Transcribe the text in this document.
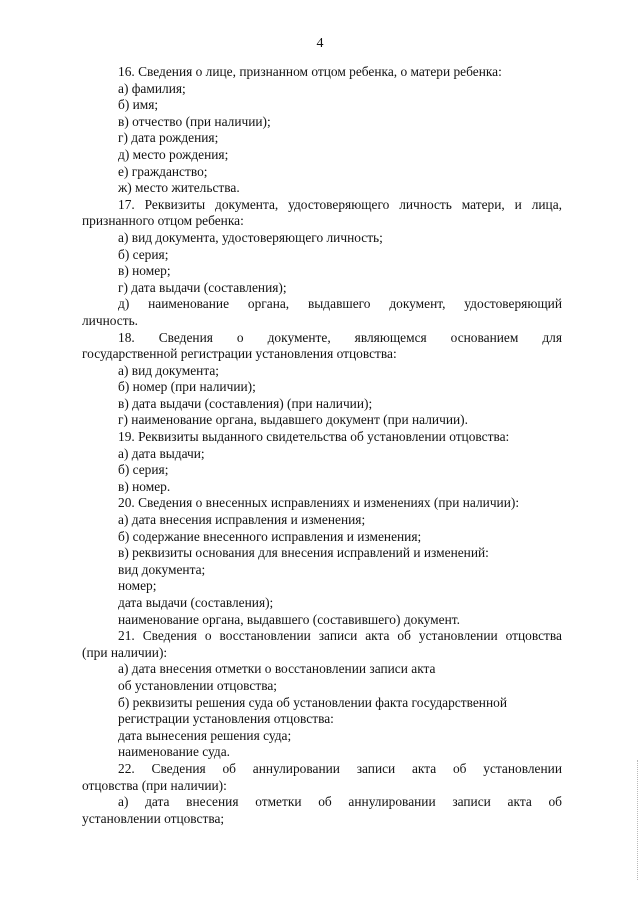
4
16. Сведения о лице, признанном отцом ребенка, о матери ребенка:
а) фамилия;
б) имя;
в) отчество (при наличии);
г) дата рождения;
д) место рождения;
е) гражданство;
ж) место жительства.
17. Реквизиты документа, удостоверяющего личность матери, и лица,
признанного отцом ребенка:
а) вид документа, удостоверяющего личность;
б) серия;
в) номер;
г) дата выдачи (составления);
д) наименование органа, выдавшего документ, удостоверяющий
личность.
18. Сведения о документе, являющемся основанием для
государственной регистрации установления отцовства:
а) вид документа;
б) номер (при наличии);
в) дата выдачи (составления) (при наличии);
г) наименование органа, выдавшего документ (при наличии).
19. Реквизиты выданного свидетельства об установлении отцовства:
а) дата выдачи;
б) серия;
в) номер.
20. Сведения о внесенных исправлениях и изменениях (при наличии):
а) дата внесения исправления и изменения;
б) содержание внесенного исправления и изменения;
в) реквизиты основания для внесения исправлений и изменений:
вид документа;
номер;
дата выдачи (составления);
наименование органа, выдавшего (составившего) документ.
21. Сведения о восстановлении записи акта об установлении отцовства
(при наличии):
а) дата внесения отметки о восстановлении записи акта
об установлении отцовства;
б) реквизиты решения суда об установлении факта государственной
регистрации установления отцовства:
дата вынесения решения суда;
наименование суда.
22. Сведения об аннулировании записи акта об установлении
отцовства (при наличии):
а) дата внесения отметки об аннулировании записи акта об
установлении отцовства;
